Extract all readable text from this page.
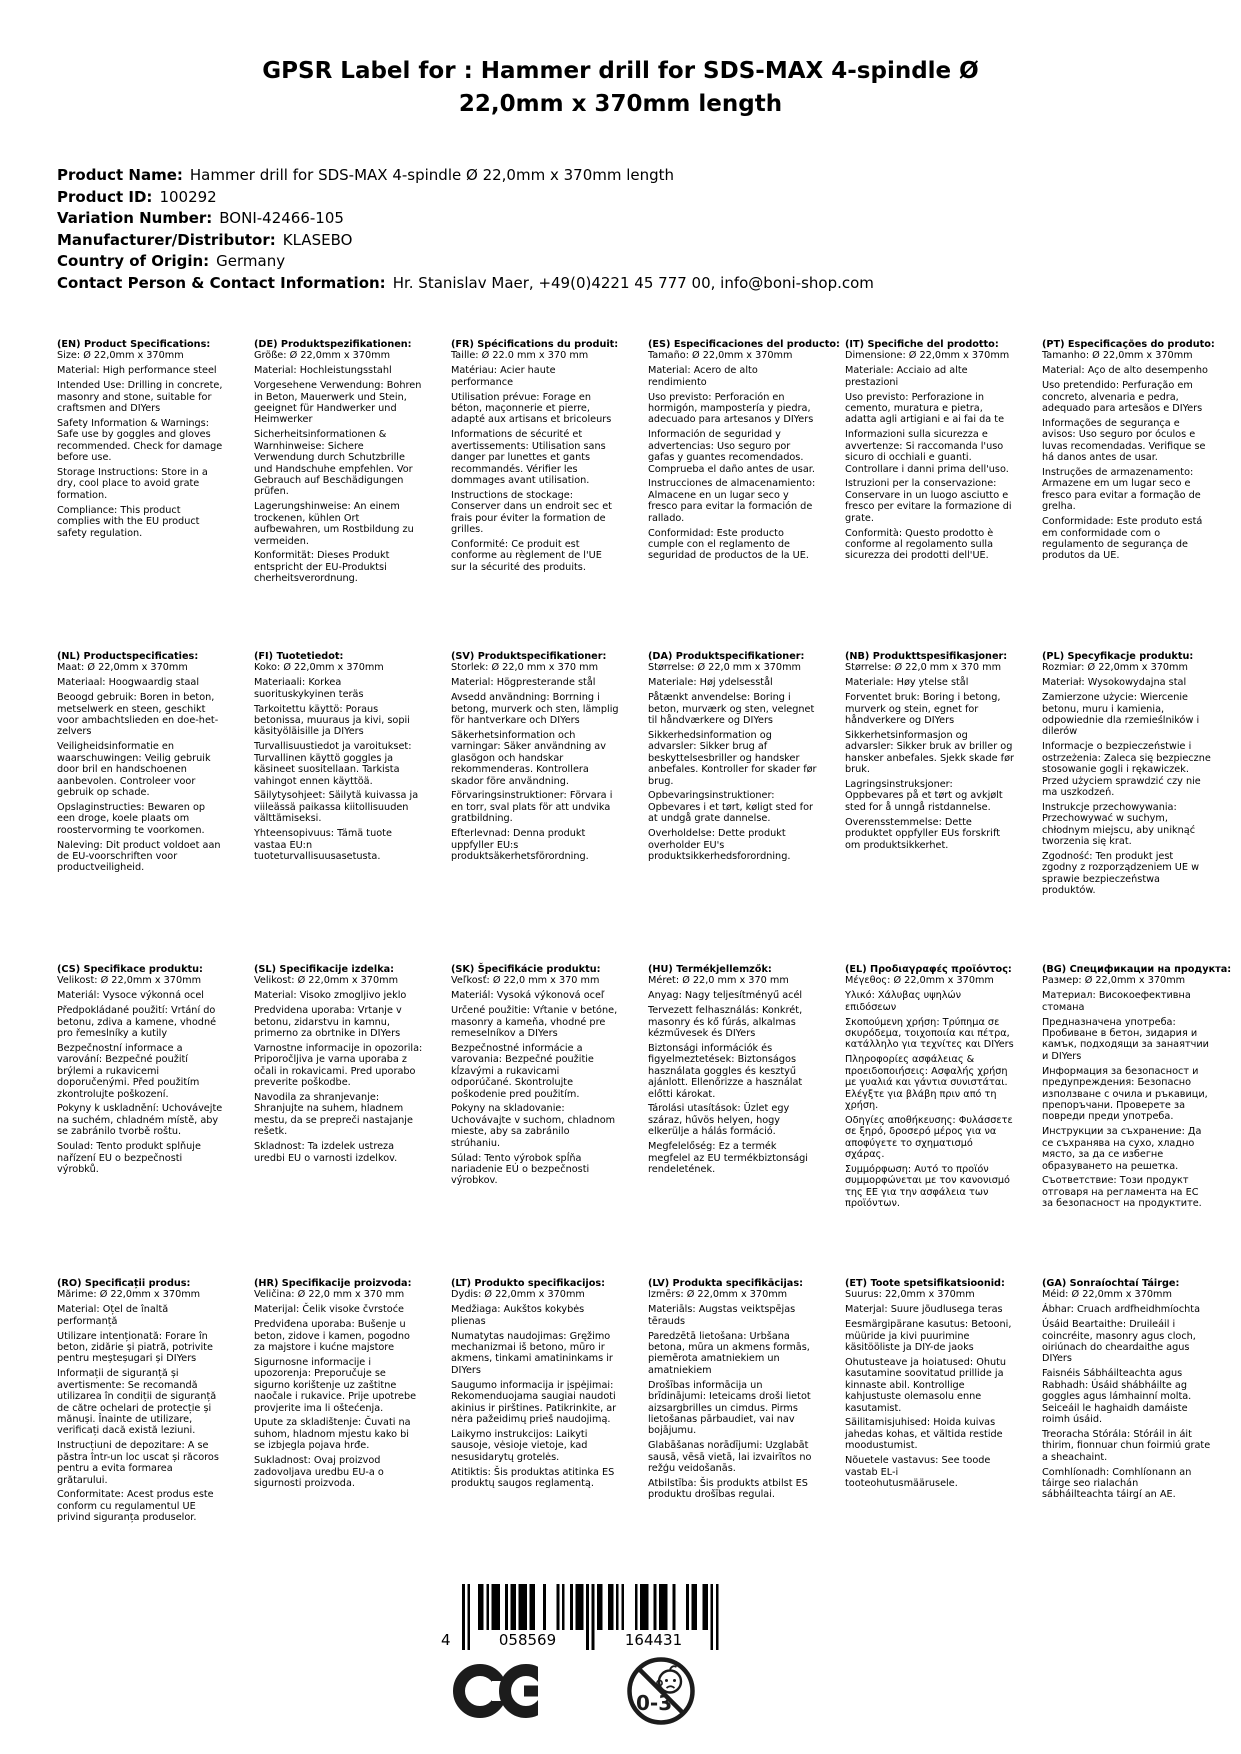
GPSR Label for : Hammer drill for SDS-MAX 4-spindle Ø 22,0mm x 370mm length
Product Name: Hammer drill for SDS-MAX 4-spindle Ø 22,0mm x 370mm length
Product ID: 100292
Variation Number: BONI-42466-105
Manufacturer/Distributor: KLASEBO
Country of Origin: Germany
Contact Person & Contact Information: Hr. Stanislav Maer, +49(0)4221 45 777 00, info@boni-shop.com
(EN) Product Specifications:

Size: Ø 22,0mm x 370mm

Material: High performance steel

Intended Use: Drilling in concrete, masonry and stone, suitable for craftsmen and DIYers

Safety Information & Warnings: Safe use by goggles and gloves recommended. Check for damage before use.

Storage Instructions: Store in a dry, cool place to avoid grate formation.

Compliance: This product complies with the EU product safety regulation.

(DE) Produktspezifikationen:

Größe: Ø 22,0mm x 370mm

Material: Hochleistungsstahl

Vorgesehene Verwendung: Bohren in Beton, Mauerwerk und Stein, geeignet für Handwerker und Heimwerker

Sicherheitsinformationen & Warnhinweise: Sichere Verwendung durch Schutzbrille und Handschuhe empfehlen. Vor Gebrauch auf Beschädigungen prüfen.

Lagerungshinweise: An einem trockenen, kühlen Ort aufbewahren, um Rostbildung zu vermeiden.

Konformität: Dieses Produkt entspricht der EU-Produktsi cherheitsverordnung.

(FR) Spécifications du produit:

Taille: Ø 22.0 mm x 370 mm

Matériau: Acier haute performance

Utilisation prévue: Forage en béton, maçonnerie et pierre, adapté aux artisans et bricoleurs

Informations de sécurité et avertissements: Utilisation sans danger par lunettes et gants recommandés. Vérifier les dommages avant utilisation.

Instructions de stockage: Conserver dans un endroit sec et frais pour éviter la formation de grilles.

Conformité: Ce produit est conforme au règlement de l'UE sur la sécurité des produits.

(ES) Especificaciones del producto:

Tamaño: Ø 22,0mm x 370mm

Material: Acero de alto rendimiento

Uso previsto: Perforación en hormigón, mampostería y piedra, adecuado para artesanos y DIYers

Información de seguridad y advertencias: Uso seguro por gafas y guantes recomendados. Comprueba el daño antes de usar.

Instrucciones de almacenamiento: Almacene en un lugar seco y fresco para evitar la formación de rallado.

Conformidad: Este producto cumple con el reglamento de seguridad de productos de la UE.

(IT) Specifiche del prodotto:

Dimensione: Ø 22,0mm x 370mm

Materiale: Acciaio ad alte prestazioni

Uso previsto: Perforazione in cemento, muratura e pietra, adatta agli artigiani e ai fai da te

Informazioni sulla sicurezza e avvertenze: Si raccomanda l'uso sicuro di occhiali e guanti. Controllare i danni prima dell'uso.

Istruzioni per la conservazione: Conservare in un luogo asciutto e fresco per evitare la formazione di grate.

Conformità: Questo prodotto è conforme al regolamento sulla sicurezza dei prodotti dell'UE.

(PT) Especificações do produto:

Tamanho: Ø 22,0mm x 370mm

Material: Aço de alto desempenho

Uso pretendido: Perfuração em concreto, alvenaria e pedra, adequado para artesãos e DIYers

Informações de segurança e avisos: Uso seguro por óculos e luvas recomendadas. Verifique se há danos antes de usar.

Instruções de armazenamento: Armazene em um lugar seco e fresco para evitar a formação de grelha.

Conformidade: Este produto está em conformidade com o regulamento de segurança de produtos da UE.

(NL) Productspecificaties:

Maat: Ø 22,0mm x 370mm

Materiaal: Hoogwaardig staal

Beoogd gebruik: Boren in beton, metselwerk en steen, geschikt voor ambachtslieden en doe-het-zelvers

Veiligheidsinformatie en waarschuwingen: Veilig gebruik door bril en handschoenen aanbevolen. Controleer voor gebruik op schade.

Opslaginstructies: Bewaren op een droge, koele plaats om roostervorming te voorkomen.

Naleving: Dit product voldoet aan de EU-voorschriften voor productveiligheid.

(FI) Tuotetiedot:

Koko: Ø 22,0mm x 370mm

Materiaali: Korkea suorituskykyinen teräs

Tarkoitettu käyttö: Poraus betonissa, muuraus ja kivi, sopii käsityöläisille ja DIYers

Turvallisuustiedot ja varoitukset: Turvallinen käyttö goggles ja käsineet suositellaan. Tarkista vahingot ennen käyttöä.

Säilytysohjeet: Säilytä kuivassa ja viileässä paikassa kiitollisuuden välttämiseksi.

Yhteensopivuus: Tämä tuote vastaa EU:n tuoteturvallisuusasetusta.

(SV) Produktspecifikationer:

Storlek: Ø 22,0 mm x 370 mm

Material: Högpresterande stål

Avsedd användning: Borrning i betong, murverk och sten, lämplig för hantverkare och DIYers

Säkerhetsinformation och varningar: Säker användning av glasögon och handskar rekommenderas. Kontrollera skador före användning.

Förvaringsinstruktioner: Förvara i en torr, sval plats för att undvika gratbildning.

Efterlevnad: Denna produkt uppfyller EU:s produktsäkerhetsförordning.

(DA) Produktspecifikationer:

Størrelse: Ø 22,0 mm x 370mm

Materiale: Høj ydelsesstål

Påtænkt anvendelse: Boring i beton, murværk og sten, velegnet til håndværkere og DIYers

Sikkerhedsinformation og advarsler: Sikker brug af beskyttelsesbriller og handsker anbefales. Kontroller for skader før brug.

Opbevaringsinstruktioner: Opbevares i et tørt, køligt sted for at undgå grate dannelse.

Overholdelse: Dette produkt overholder EU's produktsikkerhedsforordning.

(NB) Produkttspesifikasjoner:

Størrelse: Ø 22,0 mm x 370 mm

Materiale: Høy ytelse stål

Forventet bruk: Boring i betong, murverk og stein, egnet for håndverkere og DIYers

Sikkerhetsinformasjon og advarsler: Sikker bruk av briller og hansker anbefales. Sjekk skade før bruk.

Lagringsinstruksjoner: Oppbevares på et tørt og avkjølt sted for å unngå ristdannelse.

Overensstemmelse: Dette produktet oppfyller EUs forskrift om produktsikkerhet.

(PL) Specyfikacje produktu:

Rozmiar: Ø 22,0mm x 370mm

Materiał: Wysokowydajna stal

Zamierzone użycie: Wiercenie betonu, muru i kamienia, odpowiednie dla rzemieślników i dilerów

Informacje o bezpieczeństwie i ostrzeżenia: Zaleca się bezpieczne stosowanie gogli i rękawiczek. Przed użyciem sprawdzić czy nie ma uszkodzeń.

Instrukcje przechowywania: Przechowywać w suchym, chłodnym miejscu, aby uniknąć tworzenia się krat.

Zgodność: Ten produkt jest zgodny z rozporządzeniem UE w sprawie bezpieczeństwa produktów.

(CS) Specifikace produktu:

Velikost: Ø 22,0mm x 370mm

Materiál: Vysoce výkonná ocel

Předpokládané použití: Vrtání do betonu, zdiva a kamene, vhodné pro řemeslníky a kutily

Bezpečnostní informace a varování: Bezpečné použití brýlemi a rukavicemi doporučenými. Před použitím zkontrolujte poškození.

Pokyny k uskladnění: Uchovávejte na suchém, chladném místě, aby se zabránilo tvorbě roštu.

Soulad: Tento produkt splňuje nařízení EU o bezpečnosti výrobků.

(SL) Specifikacije izdelka:

Velikost: Ø 22,0mm x 370mm

Material: Visoko zmogljivo jeklo

Predvidena uporaba: Vrtanje v betonu, zidarstvu in kamnu, primerno za obrtnike in DIYers

Varnostne informacije in opozorila: Priporočljiva je varna uporaba z očali in rokavicami. Pred uporabo preverite poškodbe.

Navodila za shranjevanje: Shranjujte na suhem, hladnem mestu, da se prepreči nastajanje rešetk.

Skladnost: Ta izdelek ustreza uredbi EU o varnosti izdelkov.

(SK) Špecifikácie produktu:

Veľkosť: Ø 22,0 mm x 370 mm

Materiál: Vysoká výkonová oceľ

Určené použitie: Vŕtanie v betóne, masonry a kameňa, vhodné pre remeselníkov a DIYers

Bezpečnostné informácie a varovania: Bezpečné použitie kĺzavými a rukavicami odporúčané. Skontrolujte poškodenie pred použitím.

Pokyny na skladovanie: Uchovávajte v suchom, chladnom mieste, aby sa zabránilo strúhaniu.

Súlad: Tento výrobok spĺňa nariadenie EÚ o bezpečnosti výrobkov.

(HU) Termékjellemzők:

Méret: Ø 22,0 mm x 370 mm

Anyag: Nagy teljesítményű acél

Tervezett felhasználás: Konkrét, masonry és kő fúrás, alkalmas kézművesek és DIYers

Biztonsági információk és figyelmeztetések: Biztonságos használata goggles és kesztyű ajánlott. Ellenőrizze a használat előtti károkat.

Tárolási utasítások: Üzlet egy száraz, hűvös helyen, hogy elkerülje a hálás formáció.

Megfelelőség: Ez a termék megfelel az EU termékbiztonsági rendeletének.

(EL) Προδιαγραφές προϊόντος:

Μέγεθος: Ø 22,0mm x 370mm

Υλικό: Χάλυβας υψηλών επιδόσεων

Σκοπούμενη χρήση: Τρύπημα σε σκυρόδεμα, τοιχοποιία και πέτρα, κατάλληλο για τεχνίτες και DIYers

Πληροφορίες ασφάλειας & προειδοποιήσεις: Ασφαλής χρήση με γυαλιά και γάντια συνιστάται. Ελέγξτε για βλάβη πριν από τη χρήση.

Οδηγίες αποθήκευσης: Φυλάσσετε σε ξηρό, δροσερό μέρος για να αποφύγετε το σχηματισμό σχάρας.

Συμμόρφωση: Αυτό το προϊόν συμμορφώνεται με τον κανονισμό της ΕΕ για την ασφάλεια των προϊόντων.

(BG) Спецификации на продукта:

Размер: Ø 22,0mm x 370mm

Материал: Високоефективна стомана

Предназначена употреба: Пробиване в бетон, зидария и камък, подходящи за занаятчии и DIYers

Информация за безопасност и предупреждения: Безопасно използване с очила и ръкавици, препоръчани. Проверете за повреди преди употреба.

Инструкции за съхранение: Да се съхранява на сухо, хладно място, за да се избегне образуването на решетка.

Съответствие: Този продукт отговаря на регламента на ЕС за безопасност на продуктите.

(RO) Specificații produs:

Mărime: Ø 22,0mm x 370mm

Material: Oțel de înaltă performanță

Utilizare intenționată: Forare în beton, zidărie și piatră, potrivite pentru meșteșugari și DIYers

Informații de siguranță și avertismente: Se recomandă utilizarea în condiții de siguranță de către ochelari de protecție și mănuși. Înainte de utilizare, verificați dacă există leziuni.

Instrucțiuni de depozitare: A se păstra într-un loc uscat și răcoros pentru a evita formarea grătarului.

Conformitate: Acest produs este conform cu regulamentul UE privind siguranța produselor.

(HR) Specifikacije proizvoda:

Veličina: Ø 22,0 mm x 370 mm

Materijal: Čelik visoke čvrstoće

Predviđena uporaba: Bušenje u beton, zidove i kamen, pogodno za majstore i kućne majstore

Sigurnosne informacije i upozorenja: Preporučuje se sigurno korištenje uz zaštitne naočale i rukavice. Prije upotrebe provjerite ima li oštećenja.

Upute za skladištenje: Čuvati na suhom, hladnom mjestu kako bi se izbjegla pojava hrđe.

Sukladnost: Ovaj proizvod zadovoljava uredbu EU-a o sigurnosti proizvoda.

(LT) Produkto specifikacijos:

Dydis: Ø 22,0mm x 370mm

Medžiaga: Aukštos kokybės plienas

Numatytas naudojimas: Gręžimo mechanizmai iš betono, mūro ir akmens, tinkami amatininkams ir DIYers

Saugumo informacija ir įspėjimai: Rekomenduojama saugiai naudoti akinius ir pirštines. Patikrinkite, ar nėra pažeidimų prieš naudojimą.

Laikymo instrukcijos: Laikyti sausoje, vėsioje vietoje, kad nesusidarytų grotelės.

Atitiktis: Šis produktas atitinka ES produktų saugos reglamentą.

(LV) Produkta specifikācijas:

Izmērs: Ø 22,0mm x 370mm

Materiāls: Augstas veiktspējas tērauds

Paredzētā lietošana: Urbšana betona, mūra un akmens formās, piemērota amatniekiem un amatniekiem

Drošības informācija un brīdinājumi: Ieteicams droši lietot aizsargbrilles un cimdus. Pirms lietošanas pārbaudiet, vai nav bojājumu.

Glabāšanas norādījumi: Uzglabāt sausā, vēsā vietā, lai izvairītos no režģu veidošanās.

Atbilstība: Šis produkts atbilst ES produktu drošības regulai.

(ET) Toote spetsifikatsioonid:

Suurus: 22,0mm x 370mm

Materjal: Suure jõudlusega teras

Eesmärgipärane kasutus: Betooni, müüride ja kivi puurimine käsitööliste ja DIY-de jaoks

Ohutusteave ja hoiatused: Ohutu kasutamine soovitatud prillide ja kinnaste abil. Kontrollige kahjustuste olemasolu enne kasutamist.

Säilitamisjuhised: Hoida kuivas jahedas kohas, et vältida restide moodustumist.

Nõuetele vastavus: See toode vastab EL-i tooteohutusmäärusele.

(GA) Sonraíochtaí Táirge:

Méid: Ø 22,0mm x 370mm

Ábhar: Cruach ardfheidhmíochta

Úsáid Beartaithe: Druileáil i coincréite, masonry agus cloch, oiriúnach do cheardaithe agus DIYers

Faisnéis Sábháilteachta agus Rabhadh: Úsáid shábháilte ag goggles agus lámhainní molta. Seiceáil le haghaidh damáiste roimh úsáid.

Treoracha Stórála: Stóráil in áit thirim, fionnuar chun foirmiú grate a sheachaint.

Comhlíonadh: Comhlíonann an táirge seo rialachán sábháilteachta táirgí an AE.

4	058569	164431
0-3
